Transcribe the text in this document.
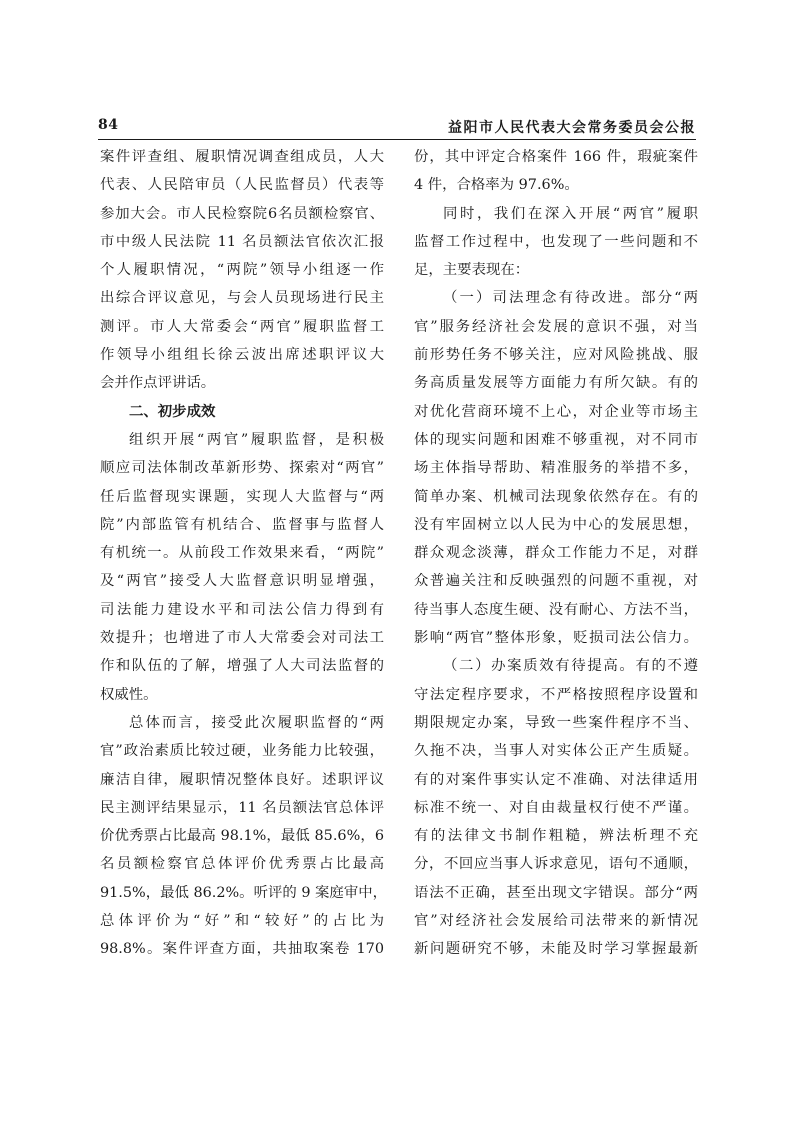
84	益阳市人民代表大会常务委员会公报
案件评查组、履职情况调查组成员，人大
代表、人民陪审员（人民监督员）代表等
参加大会。市人民检察院6名员额检察官、
市中级人民法院 11 名员额法官依次汇报
个人履职情况，“两院”领导小组逐一作
出综合评议意见，与会人员现场进行民主
测评。市人大常委会“两官”履职监督工
作领导小组组长徐云波出席述职评议大
会并作点评讲话。
二、初步成效
组织开展“两官”履职监督，是积极
顺应司法体制改革新形势、探索对“两官”
任后监督现实课题，实现人大监督与“两
院”内部监管有机结合、监督事与监督人
有机统一。从前段工作效果来看，“两院”
及“两官”接受人大监督意识明显增强，
司法能力建设水平和司法公信力得到有
效提升；也增进了市人大常委会对司法工
作和队伍的了解，增强了人大司法监督的
权威性。
总体而言，接受此次履职监督的“两
官”政治素质比较过硬，业务能力比较强，
廉洁自律，履职情况整体良好。述职评议
民主测评结果显示，11 名员额法官总体评
价优秀票占比最高 98.1%，最低 85.6%，6
名员额检察官总体评价优秀票占比最高
91.5%，最低 86.2%。听评的 9 案庭审中，
总体评价为“好”和“较好”的占比为
98.8%。案件评查方面，共抽取案卷 170
份，其中评定合格案件 166 件，瑕疵案件
4 件，合格率为 97.6%。
同时，我们在深入开展“两官”履职
监督工作过程中，也发现了一些问题和不
足，主要表现在：
（一）司法理念有待改进。部分“两
官”服务经济社会发展的意识不强，对当
前形势任务不够关注，应对风险挑战、服
务高质量发展等方面能力有所欠缺。有的
对优化营商环境不上心，对企业等市场主
体的现实问题和困难不够重视，对不同市
场主体指导帮助、精准服务的举措不多，
简单办案、机械司法现象依然存在。有的
没有牢固树立以人民为中心的发展思想，
群众观念淡薄，群众工作能力不足，对群
众普遍关注和反映强烈的问题不重视，对
待当事人态度生硬、没有耐心、方法不当，
影响“两官”整体形象，贬损司法公信力。
（二）办案质效有待提高。有的不遵
守法定程序要求，不严格按照程序设置和
期限规定办案，导致一些案件程序不当、
久拖不决，当事人对实体公正产生质疑。
有的对案件事实认定不准确、对法律适用
标准不统一、对自由裁量权行使不严谨。
有的法律文书制作粗糙，辨法析理不充
分，不回应当事人诉求意见，语句不通顺，
语法不正确，甚至出现文字错误。部分“两
官”对经济社会发展给司法带来的新情况
新问题研究不够，未能及时学习掌握最新
